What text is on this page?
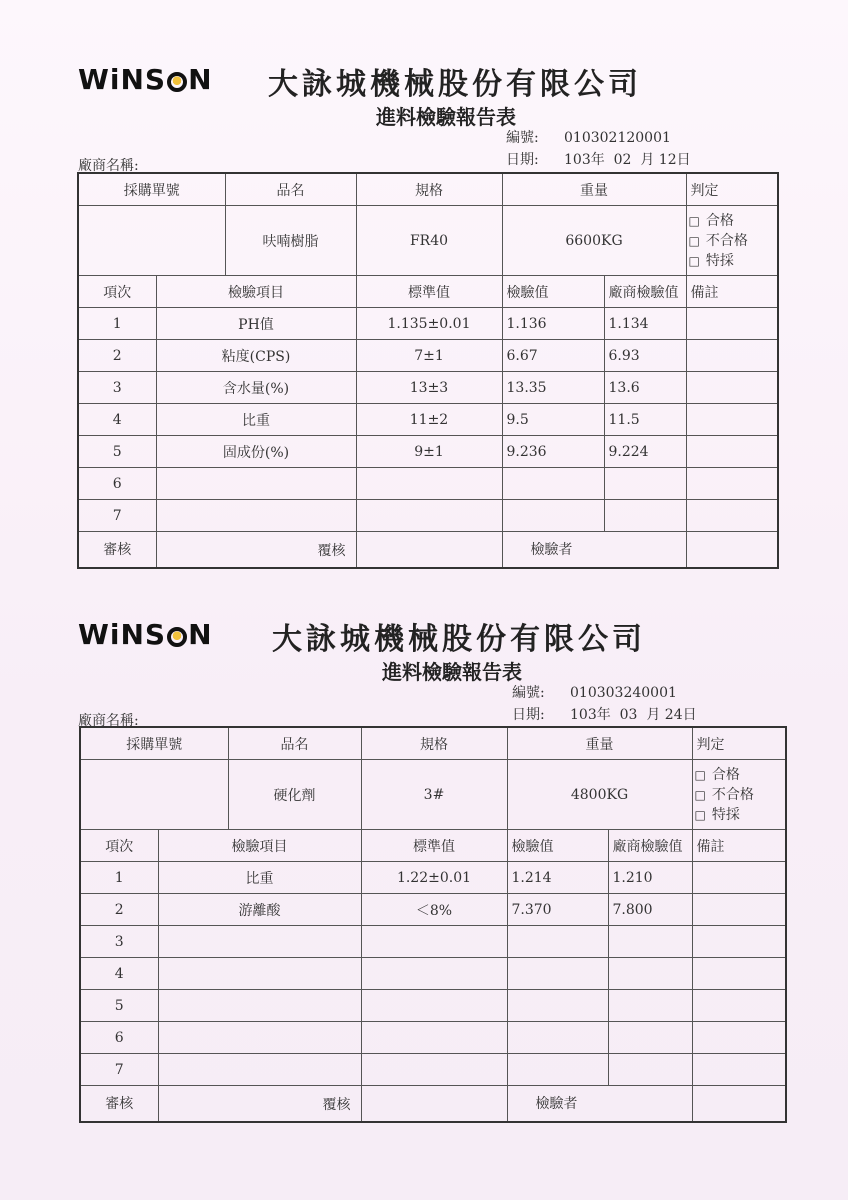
WiNS N 大詠城機械股份有限公司
進料檢驗報告表
編號: 010302120001
日期: 103年  02  月 12日
廠商名稱:
採購單號		品名	規格	重量		判定
		呋喃樹脂	FR40	6600KG		□ 合格
□ 不合格
□ 特採

項次	檢驗項目		標準值	檢驗值	廠商檢驗值	備註
1	PH值		1.135±0.01	1.136	1.134	
2	粘度(CPS)		7±1	6.67	6.93	
3	含水量(%)		13±3	13.35	13.6	
4	比重		11±2	9.5	11.5	
5	固成份(%)		9±1	9.236	9.224	
6						
7						
審核	覆核			檢驗者		
WiNS N 大詠城機械股份有限公司
進料檢驗報告表
編號: 010303240001
日期: 103年  03  月 24日
廠商名稱:
採購單號		品名	規格	重量		判定
		硬化劑	3#	4800KG		□ 合格
□ 不合格
□ 特採

項次	檢驗項目		標準值	檢驗值	廠商檢驗值	備註
1	比重		1.22±0.01	1.214	1.210	
2	游離酸		＜8%	7.370	7.800	
3						
4						
5						
6						
7						
審核	覆核			檢驗者		
